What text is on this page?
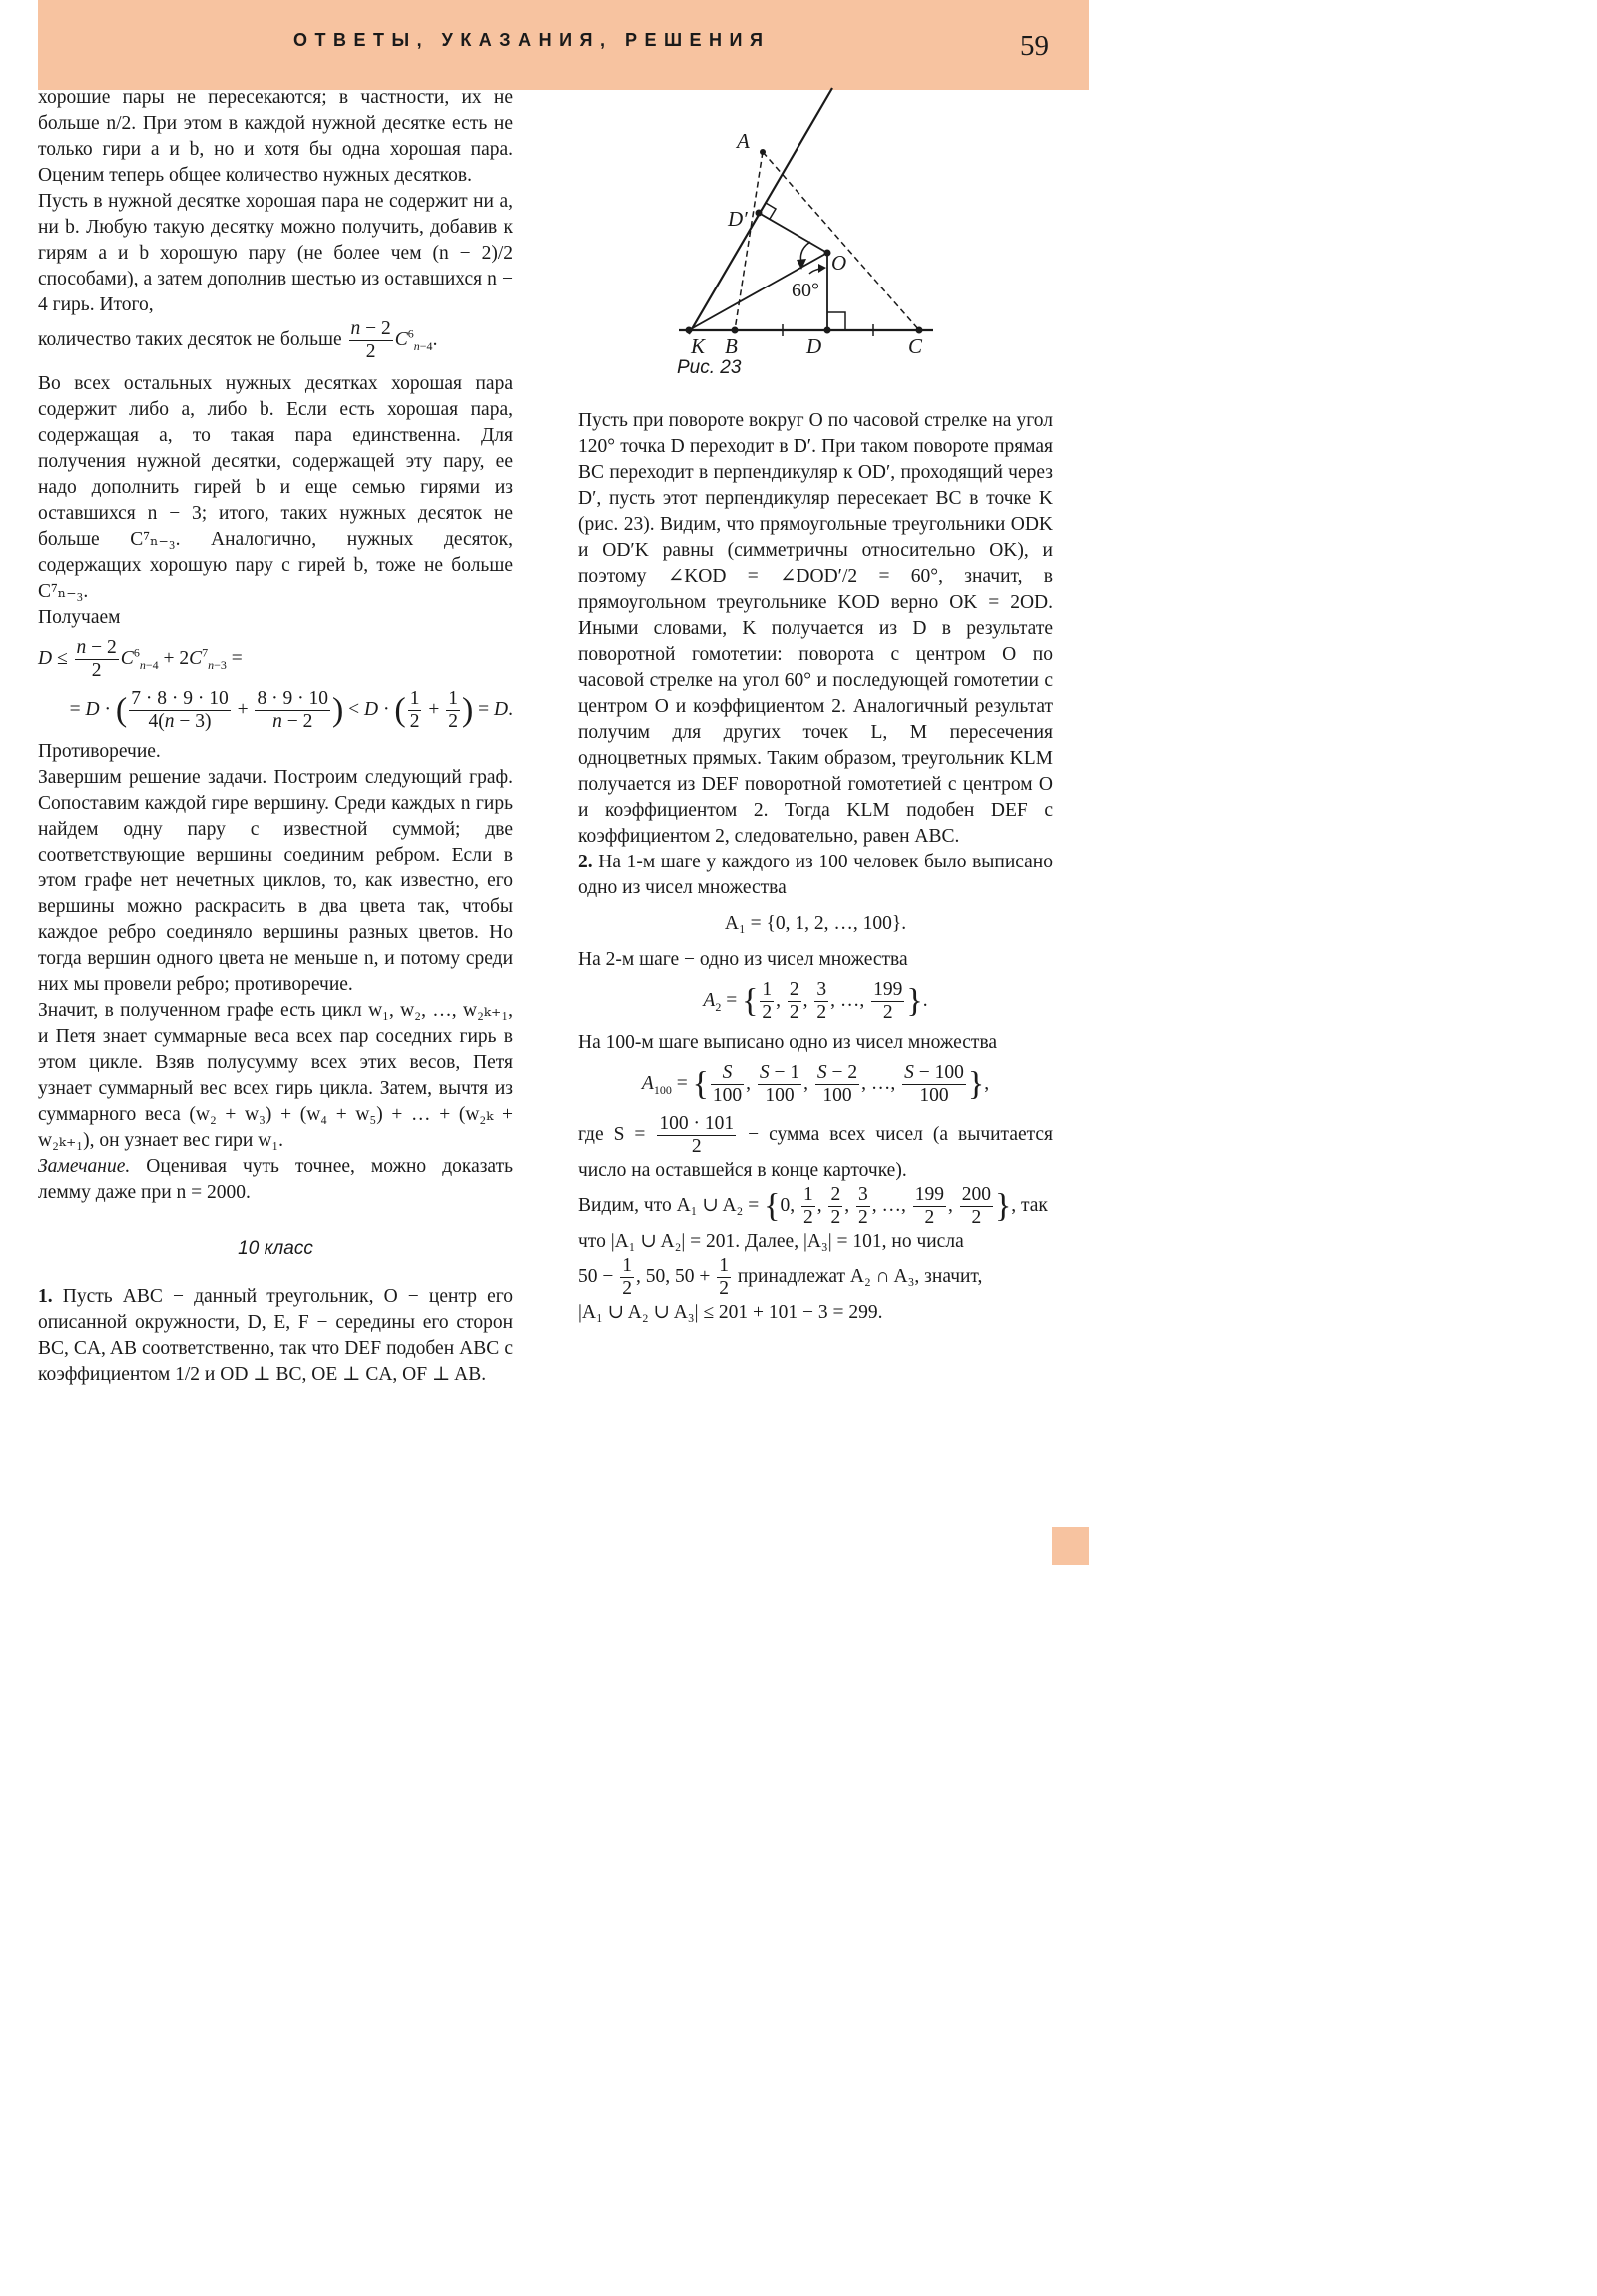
ОТВЕТЫ, УКАЗАНИЯ, РЕШЕНИЯ	59
A
D′
O
60°
K B	D	C
Рис. 23

хорошие пары не пересекаются; в частности, их не больше n/2. При этом в каждой нужной десятке есть не только гири a и b, но и хотя бы одна хорошая пара. Оценим теперь общее количество нужных десятков.

Пусть в нужной десятке хорошая пара не содержит ни a, ни b. Любую такую десятку можно получить, добавив к гирям a и b хорошую пару (не более чем (n − 2)/2 способами), а затем дополнив шестью из оставшихся n − 4 гирь. Итого,

количество таких десяток не больше $\frac{n - 2}{2} C^6_{n-4}$.

Во всех остальных нужных десятках хорошая пара содержит либо a, либо b. Если есть хорошая пара, содержащая a, то такая пара единственна. Для получения нужной десятки, содержащей эту пару, ее надо дополнить гирей b и еще семью гирями из оставшихся n − 3; итого, таких нужных десяток не больше C⁷ₙ₋₃. Аналогично, нужных десяток, содержащих хорошую пару с гирей b, тоже не больше C⁷ₙ₋₃.

Получаем

$D \le \frac{n - 2}{2} C^6_{n-4} + 2C^7_{n-3}$ =
= D · ( $\frac{7 \cdot 8 \cdot 9 \cdot 10}{4(n - 3)} + \frac{8 \cdot 9 \cdot 10}{n - 2}$ ) < D · ( $\frac{1}{2} + \frac{1}{2}$ ) = D.

Противоречие.

Завершим решение задачи. Построим следующий граф. Сопоставим каждой гире вершину. Среди каждых n гирь найдем одну пару с известной суммой; две соответствующие вершины соединим ребром. Если в этом графе нет нечетных циклов, то, как известно, его вершины можно раскрасить в два цвета так, чтобы каждое ребро соединяло вершины разных цветов. Но тогда вершин одного цвета не меньше n, и потому среди них мы провели ребро; противоречие.

Значит, в полученном графе есть цикл w₁, w₂, …, w₂ₖ₊₁, и Петя знает суммарные веса всех пар соседних гирь в этом цикле. Взяв полусумму всех этих весов, Петя узнает суммарный вес всех гирь цикла. Затем, вычтя из суммарного веса (w₂ + w₃) + (w₄ + w₅) + … + (w₂ₖ + w₂ₖ₊₁), он узнает вес гири w₁.

Замечание. Оценивая чуть точнее, можно доказать лемму даже при n = 2000.

10 класс

1. Пусть ABC − данный треугольник, O − центр его описанной окружности, D, E, F − середины его сторон BC, CA, AB соответственно, так что DEF подобен ABC с коэффициентом 1/2 и OD ⊥ BC, OE ⊥ CA, OF ⊥ AB.

Пусть при повороте вокруг O по часовой стрелке на угол 120° точка D переходит в D′. При таком повороте прямая BC переходит в перпендикуляр к OD′, проходящий через D′, пусть этот перпендикуляр пересекает BC в точке K (рис. 23). Видим, что прямоугольные треугольники ODK и OD′K равны (симметричны относительно OK), и поэтому ∠KOD = ∠DOD′/2 = 60°, значит, в прямоугольном треугольнике KOD верно OK = 2OD. Иными словами, K получается из D в результате поворотной гомотетии: поворота с центром O по часовой стрелке на угол 60° и последующей гомотетии с центром O и коэффициентом 2. Аналогичный результат получим для других точек L, M пересечения одноцветных прямых. Таким образом, треугольник KLM получается из DEF поворотной гомотетией с центром O и коэффициентом 2. Тогда KLM подобен DEF с коэффициентом 2, следовательно, равен ABC.

2. На 1-м шаге у каждого из 100 человек было выписано одно из чисел множества

A₁ = {0, 1, 2, …, 100}.

На 2-м шаге − одно из чисел множества

$A_2$ = { $\frac{1}{2}$ , $\frac{2}{2}$ , $\frac{3}{2}$ , …, $\frac{199}{2}$ }.

На 100-м шаге выписано одно из чисел множества

$A_{100}$ = { $\frac{S}{100}$ , $\frac{S - 1}{100}$ , $\frac{S - 2}{100}$ , …, $\frac{S - 100}{100}$ },

где $S = \frac{100 \cdot 101}{2}$ − сумма всех чисел (а вычитается число на оставшейся в конце карточке).

Видим, что A₁ ∪ A₂ = {0, $\frac{1}{2}$ , $\frac{2}{2}$ , $\frac{3}{2}$ , …, $\frac{199}{2}$ , $\frac{200}{2}$ }, так

что |A₁ ∪ A₂| = 201. Далее, |A₃| = 101, но числа

$50 - \frac{1}{2}$ , 50, $50 + \frac{1}{2}$ принадлежат A₂ ∩ A₃, значит,

|A₁ ∪ A₂ ∪ A₃| ≤ 201 + 101 − 3 = 299.
